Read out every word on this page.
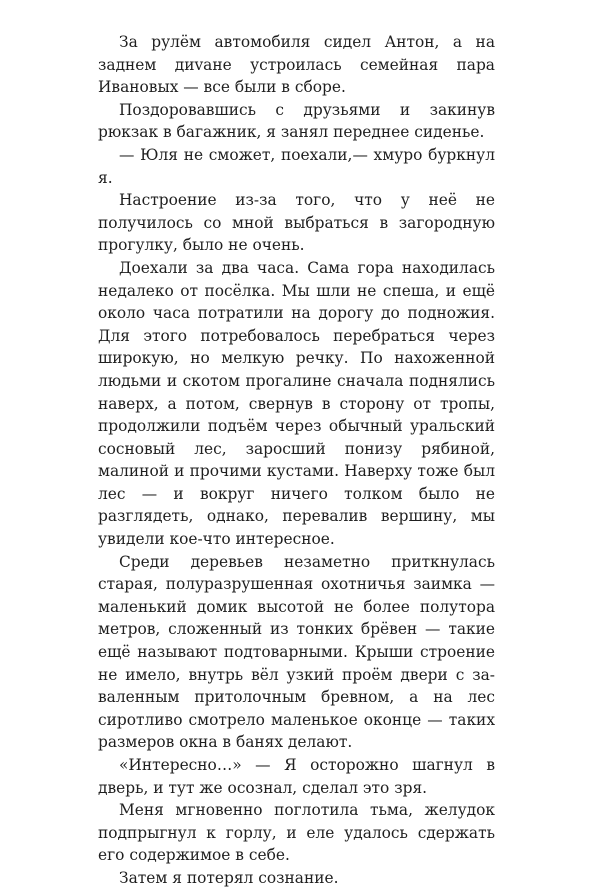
За рулём автомобиля сидел Антон, а на заднем диvане устроилась семейная пара Ивановых — все были в сборе.

Поздоровавшись с друзьями и закинув рюкзак в багажник, я занял переднее сиденье.

— Юля не сможет, поехали,— хмуро буркнул я.

Настроение из-за того, что у неё не получилось со мной выбраться в загородную прогулку, было не очень.

Доехали за два часа. Сама гора находилась недалеко от посёлка. Мы шли не спеша, и ещё около часа потратили на дорогу до подножия. Для этого потребовалось перебраться через широкую, но мелкую речку. По нахоженной людьми и скотом прогалине сначала поднялись наверх, а потом, свернув в сторону от тропы, продолжили подъём через обычный уральский сосновый лес, заросший понизу рябиной, малиной и прочими кустами. Наверху тоже был лес — и вокруг ничего толком было не разглядеть, однако, перевалив вершину, мы увидели кое-что интересное.

Среди деревьев незаметно приткнулась старая, полуразрушенная охотничья заимка — маленький домик высотой не более полутора метров, сложенный из тонких брёвен — такие ещё называют подтоварными. Крыши строение не имело, внутрь вёл узкий проём двери с заваленным притолочным бревном, а на лес сиротливо смотрело маленькое оконце — таких размеров окна в банях делают.

«Интересно…» — Я осторожно шагнул в дверь, и тут же осознал, сделал это зря.

Меня мгновенно поглотила тьма, желудок подпрыгнул к горлу, и еле удалось сдержать его содержимое в себе.

Затем я потерял сознание.
